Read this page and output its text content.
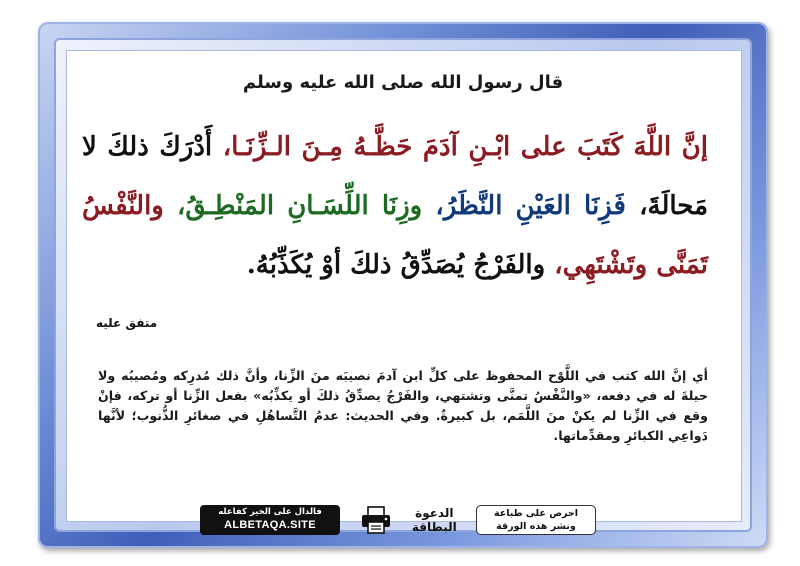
قال رسول الله صلى الله عليه وسلم
إنَّ اللَّهَ كَتَبَ على ابْـنِ آدَمَ حَظَّـهُ مِـنَ الـزِّنَـا، أَدْرَكَ ذلكَ لا مَحالَةَ، فَزِنَا العَيْنِ النَّظَرُ، وزِنَا اللِّسَـانِ المَنْطِـقُ، والنَّفْسُ تَمَنَّى وتَشْتَهِي، والفَرْجُ يُصَدِّقُ ذلكَ أوْ يُكَذِّبُهُ.
متفق عليه
أي إنَّ الله كتب في اللَّوْح المحفوظ على كلِّ ابن آدمَ نصيبَه منَ الزِّنا، وأنَّ ذلك مُدرِكه ومُصيبُه ولا حيلةَ له في دفعه، «والنَّفْسُ تمنَّى وتشتهي، والفَرْجُ يصدِّقُ ذلكَ أو يكذِّبُه» بفعل الزِّنا أو تركه، فإنْ وقع في الزِّنا لم يكنْ منَ اللَّمَم، بل كبيرةٌ. وفي الحديث: عدمُ التَّساهُلِ في صغائرِ الذُّنوب؛ لأنَّها دَواعِي الكبائرِ ومقدِّماتها.
فالدال على الخير كفاعله
ALBETAQA.SITE
الدعوة
البطاقة
احرص على طباعة
ونشر هذه الورقة
